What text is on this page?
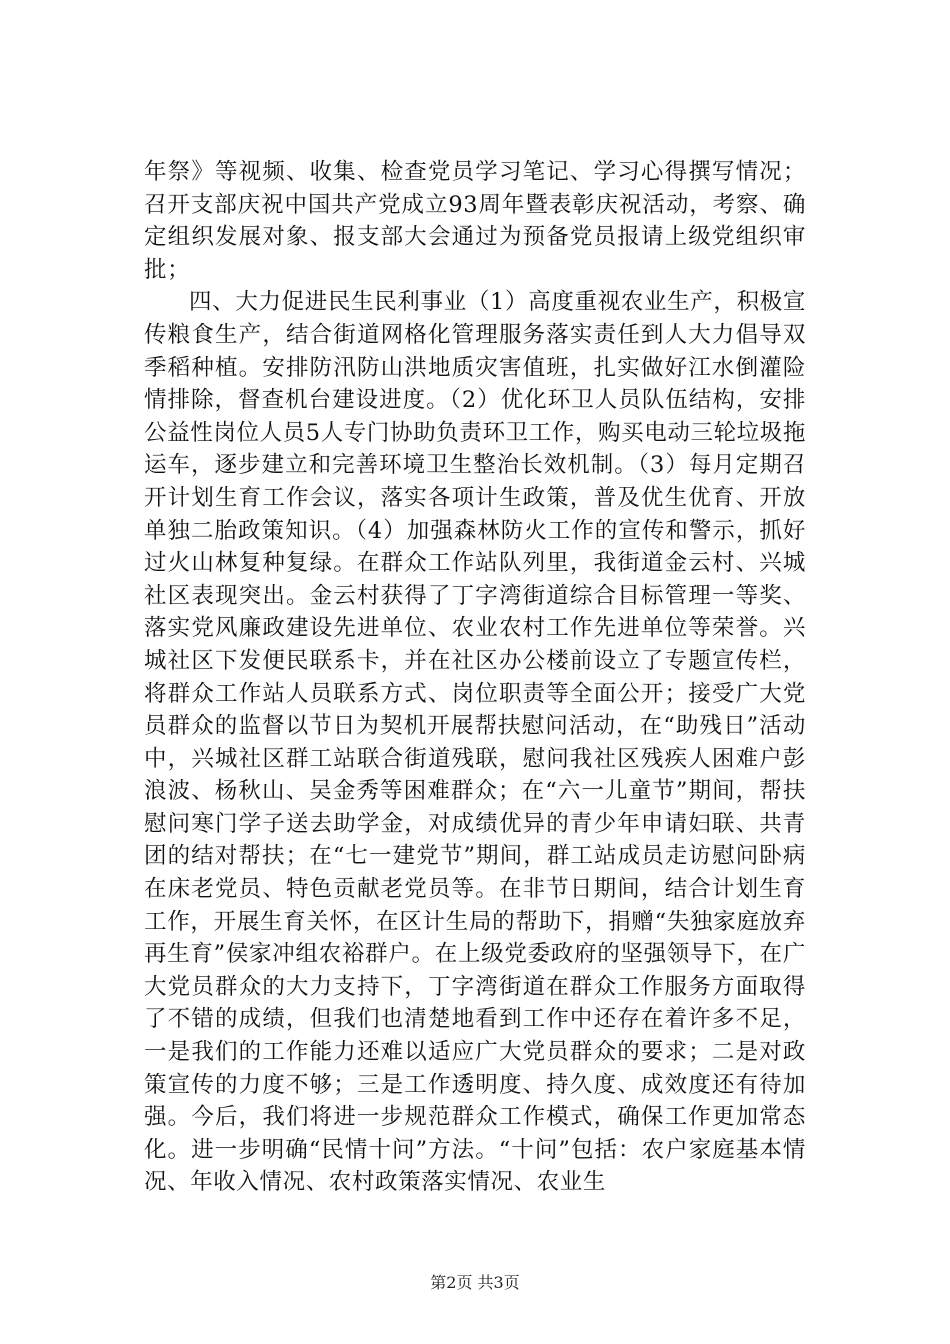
年祭》等视频、收集、检查党员学习笔记、学习心得撰写情况；召开支部庆祝中国共产党成立93周年暨表彰庆祝活动，考察、确定组织发展对象、报支部大会通过为预备党员报请上级党组织审批；

四、大力促进民生民利事业（1）高度重视农业生产，积极宣传粮食生产，结合街道网格化管理服务落实责任到人大力倡导双季稻种植。安排防汛防山洪地质灾害值班，扎实做好江水倒灌险情排除，督查机台建设进度。（2）优化环卫人员队伍结构，安排公益性岗位人员5人专门协助负责环卫工作，购买电动三轮垃圾拖运车，逐步建立和完善环境卫生整治长效机制。（3）每月定期召开计划生育工作会议，落实各项计生政策，普及优生优育、开放单独二胎政策知识。（4）加强森林防火工作的宣传和警示，抓好过火山林复种复绿。在群众工作站队列里，我街道金云村、兴城社区表现突出。金云村获得了丁字湾街道综合目标管理一等奖、落实党风廉政建设先进单位、农业农村工作先进单位等荣誉。兴城社区下发便民联系卡，并在社区办公楼前设立了专题宣传栏，将群众工作站人员联系方式、岗位职责等全面公开；接受广大党员群众的监督以节日为契机开展帮扶慰问活动，在“助残日”活动中，兴城社区群工站联合街道残联，慰问我社区残疾人困难户彭浪波、杨秋山、吴金秀等困难群众；在“六一儿童节”期间，帮扶慰问寒门学子送去助学金，对成绩优异的青少年申请妇联、共青团的结对帮扶；在“七一建党节”期间，群工站成员走访慰问卧病在床老党员、特色贡献老党员等。在非节日期间，结合计划生育工作，开展生育关怀，在区计生局的帮助下，捐赠“失独家庭放弃再生育”侯家冲组农裕群户。在上级党委政府的坚强领导下，在广大党员群众的大力支持下，丁字湾街道在群众工作服务方面取得了不错的成绩，但我们也清楚地看到工作中还存在着许多不足，一是我们的工作能力还难以适应广大党员群众的要求；二是对政策宣传的力度不够；三是工作透明度、持久度、成效度还有待加强。今后，我们将进一步规范群众工作模式，确保工作更加常态化。进一步明确“民情十问”方法。“十问”包括：农户家庭基本情况、年收入情况、农村政策落实情况、农业生

第2页 共3页
